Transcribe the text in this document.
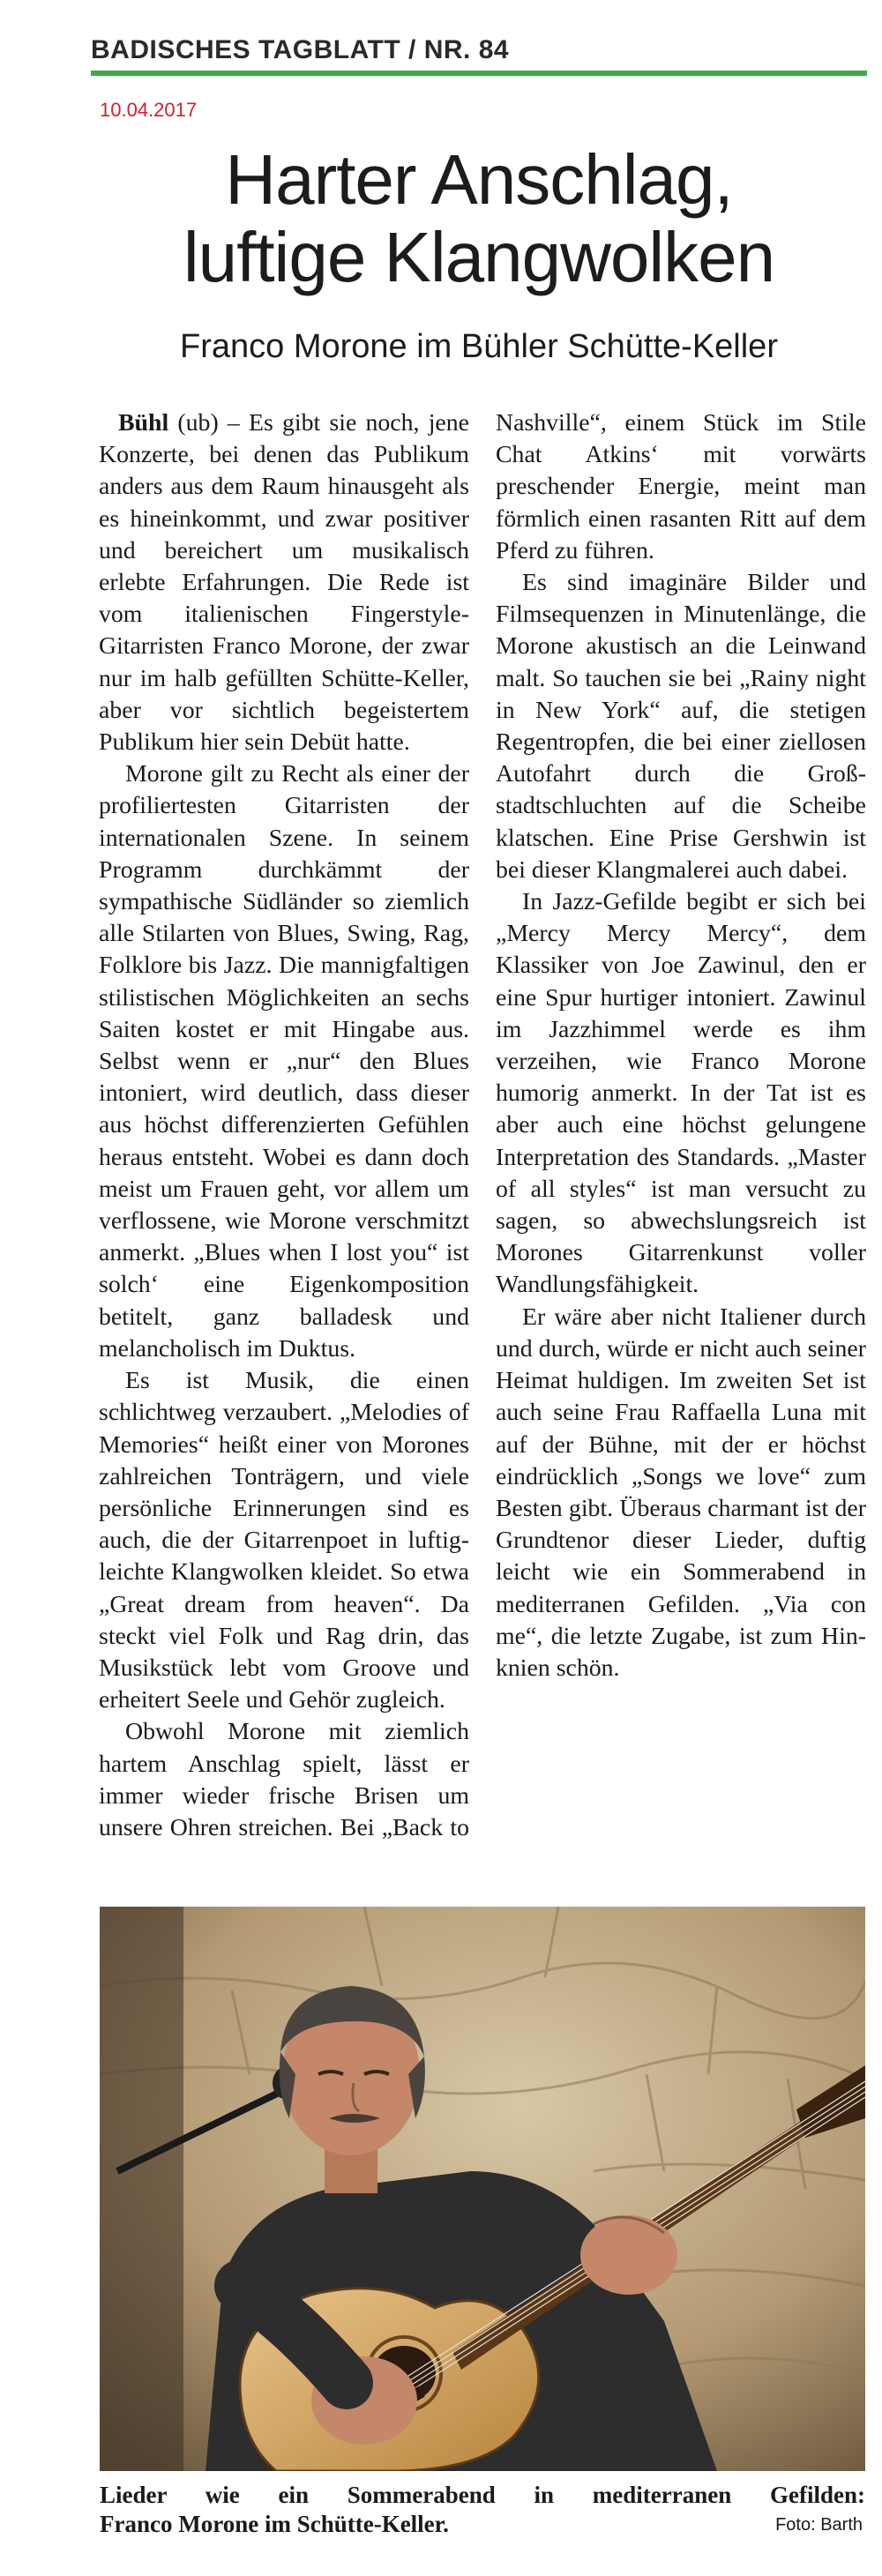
BADISCHES TAGBLATT / NR. 84
10.04.2017
Harter Anschlag,
luftige Klangwolken
Franco Morone im Bühler Schütte-Keller

Bühl (ub) – Es gibt sie noch, jene Konzerte, bei denen das Publikum anders aus dem Raum hinausgeht als es hineinkommt, und zwar positiver und bereichert um musikalisch erlebte Erfahrungen. Die Rede ist vom italienischen Fingerstyle-Gitarristen Franco Morone, der zwar nur im halb gefüllten Schütte-Keller, aber vor sichtlich begeistertem Publikum hier sein Debüt hatte.

Morone gilt zu Recht als einer der profiliertesten Gitarristen der internationalen Szene. In seinem Programm durchkämmt der sympathische Südländer so ziemlich alle Stilarten von Blues, Swing, Rag, Folklore bis Jazz. Die mannigfaltigen stilistischen Möglichkeiten an sechs Saiten kostet er mit Hingabe aus. Selbst wenn er „nur“ den Blues intoniert, wird deutlich, dass dieser aus höchst differenzierten Gefühlen heraus entsteht. Wobei es dann doch meist um Frauen geht, vor allem um verflossene, wie Morone verschmitzt anmerkt. „Blues when I lost you“ ist solch‘ eine Eigenkomposition betitelt, ganz balladesk und melancholisch im Duktus.

Es ist Musik, die einen schlichtweg verzaubert. „Melodies of Memories“ heißt einer von Morones zahlreichen Tonträgern, und viele persönliche Erinnerungen sind es auch, die der Gitarrenpoet in luftig-leichte Klangwolken kleidet. So etwa „Great dream from heaven“. Da steckt viel Folk und Rag drin, das Musikstück lebt vom Groove und erheitert Seele und Gehör zugleich.

Obwohl Morone mit ziemlich hartem Anschlag spielt, lässt er immer wieder frische Brisen um unsere Ohren streichen. Bei „Back to Nashville“, einem Stück im Stile Chat Atkins‘ mit vorwärts preschender Energie, meint man förmlich einen rasanten Ritt auf dem Pferd zu führen.

Es sind imaginäre Bilder und Filmsequenzen in Minutenlänge, die Morone akustisch an die Leinwand malt. So tauchen sie bei „Rainy night in New York“ auf, die stetigen Regentropfen, die bei einer ziellosen Autofahrt durch die Großstadtschluchten auf die Scheibe klatschen. Eine Prise Gershwin ist bei dieser Klangmalerei auch dabei.

In Jazz-Gefilde begibt er sich bei „Mercy Mercy Mercy“, dem Klassiker von Joe Zawinul, den er eine Spur hurtiger intoniert. Zawinul im Jazzhimmel werde es ihm verzeihen, wie Franco Morone humorig anmerkt. In der Tat ist es aber auch eine höchst gelungene Interpretation des Standards. „Master of all styles“ ist man versucht zu sagen, so abwechslungsreich ist Morones Gitarrenkunst voller Wandlungsfähigkeit.

Er wäre aber nicht Italiener durch und durch, würde er nicht auch seiner Heimat huldigen. Im zweiten Set ist auch seine Frau Raffaella Luna mit auf der Bühne, mit der er höchst eindrücklich „Songs we love“ zum Besten gibt. Überaus charmant ist der Grundtenor dieser Lieder, duftig leicht wie ein Sommerabend in mediterranen Gefilden. „Via con me“, die letzte Zugabe, ist zum Hinknien schön.

Lieder wie ein Sommerabend in mediterranen Gefilden:
Franco Morone im Schütte-Keller.	Foto: Barth
